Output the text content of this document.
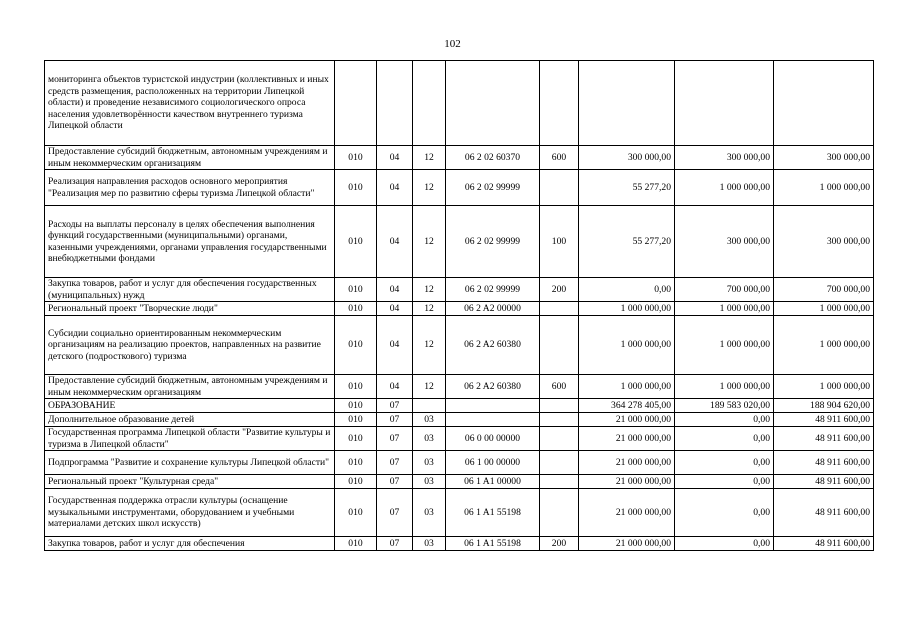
102
мониторинга объектов туристской индустрии (коллективных и иных средств размещения, расположенных на территории Липецкой области) и проведение независимого социологического опроса населения удовлетворённости качеством внутреннего туризма Липецкой области								
Предоставление субсидий бюджетным, автономным учреждениям и иным некоммерческим организациям	010	04	12	06 2 02 60370	600	300 000,00	300 000,00	300 000,00
Реализация направления расходов основного мероприятия "Реализация мер по развитию сферы туризма Липецкой области"	010	04	12	06 2 02 99999		55 277,20	1 000 000,00	1 000 000,00
Расходы на выплаты персоналу в целях обеспечения выполнения функций государственными (муниципальными) органами, казенными учреждениями, органами управления государственными внебюджетными фондами	010	04	12	06 2 02 99999	100	55 277,20	300 000,00	300 000,00
Закупка товаров, работ и услуг для обеспечения государственных (муниципальных) нужд	010	04	12	06 2 02 99999	200	0,00	700 000,00	700 000,00
Региональный проект "Творческие люди"	010	04	12	06 2 A2 00000		1 000 000,00	1 000 000,00	1 000 000,00
Субсидии социально ориентированным некоммерческим организациям на реализацию проектов, направленных на развитие детского (подросткового) туризма	010	04	12	06 2 A2 60380		1 000 000,00	1 000 000,00	1 000 000,00
Предоставление субсидий бюджетным, автономным учреждениям и иным некоммерческим организациям	010	04	12	06 2 A2 60380	600	1 000 000,00	1 000 000,00	1 000 000,00
ОБРАЗОВАНИЕ	010	07				364 278 405,00	189 583 020,00	188 904 620,00
Дополнительное образование детей	010	07	03			21 000 000,00	0,00	48 911 600,00
Государственная программа Липецкой области "Развитие культуры и туризма в Липецкой области"	010	07	03	06 0 00 00000		21 000 000,00	0,00	48 911 600,00
Подпрограмма "Развитие и сохранение культуры Липецкой области"	010	07	03	06 1 00 00000		21 000 000,00	0,00	48 911 600,00
Региональный проект "Культурная среда"	010	07	03	06 1 A1 00000		21 000 000,00	0,00	48 911 600,00
Государственная поддержка отрасли культуры (оснащение музыкальными инструментами, оборудованием и учебными материалами детских школ искусств)	010	07	03	06 1 A1 55198		21 000 000,00	0,00	48 911 600,00
Закупка товаров, работ и услуг для обеспечения	010	07	03	06 1 A1 55198	200	21 000 000,00	0,00	48 911 600,00
